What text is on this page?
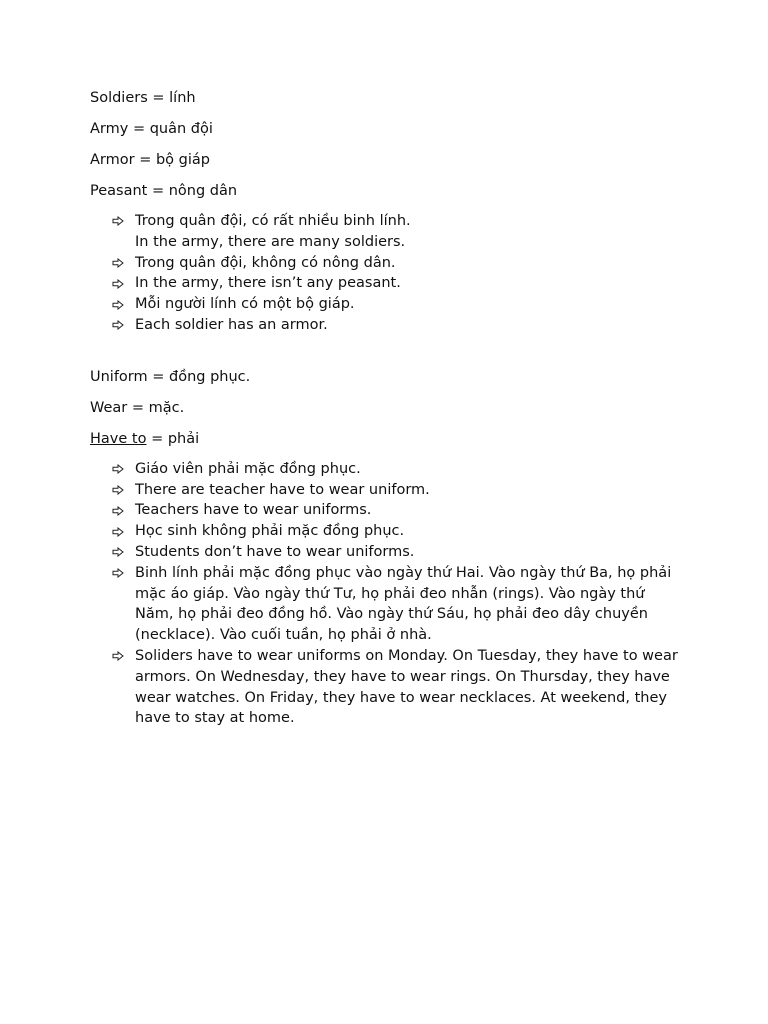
Soldiers = lính
Army = quân đội
Armor = bộ giáp
Peasant = nông dân
Trong quân đội, có rất nhiều binh lính.
In the army, there are many soldiers.
Trong quân đội, không có nông dân.
In the army, there isn’t any peasant.
Mỗi người lính có một bộ giáp.
Each soldier has an armor.
Uniform = đồng phục.
Wear = mặc.
Have to = phải
Giáo viên phải mặc đồng phục.
There are teacher have to wear uniform.
Teachers have to wear uniforms.
Học sinh không phải mặc đồng phục.
Students don’t have to wear uniforms.
Binh lính phải mặc đồng phục vào ngày thứ Hai. Vào ngày thứ Ba, họ phải mặc áo giáp. Vào ngày thứ Tư, họ phải đeo nhẫn (rings). Vào ngày thứ Năm, họ phải đeo đồng hồ. Vào ngày thứ Sáu, họ phải đeo dây chuyền (necklace). Vào cuối tuần, họ phải ở nhà.
Soliders have to wear uniforms on Monday. On Tuesday, they have to wear armors. On Wednesday, they have to wear rings. On Thursday, they have wear watches. On Friday, they have to wear necklaces. At weekend, they have to stay at home.
